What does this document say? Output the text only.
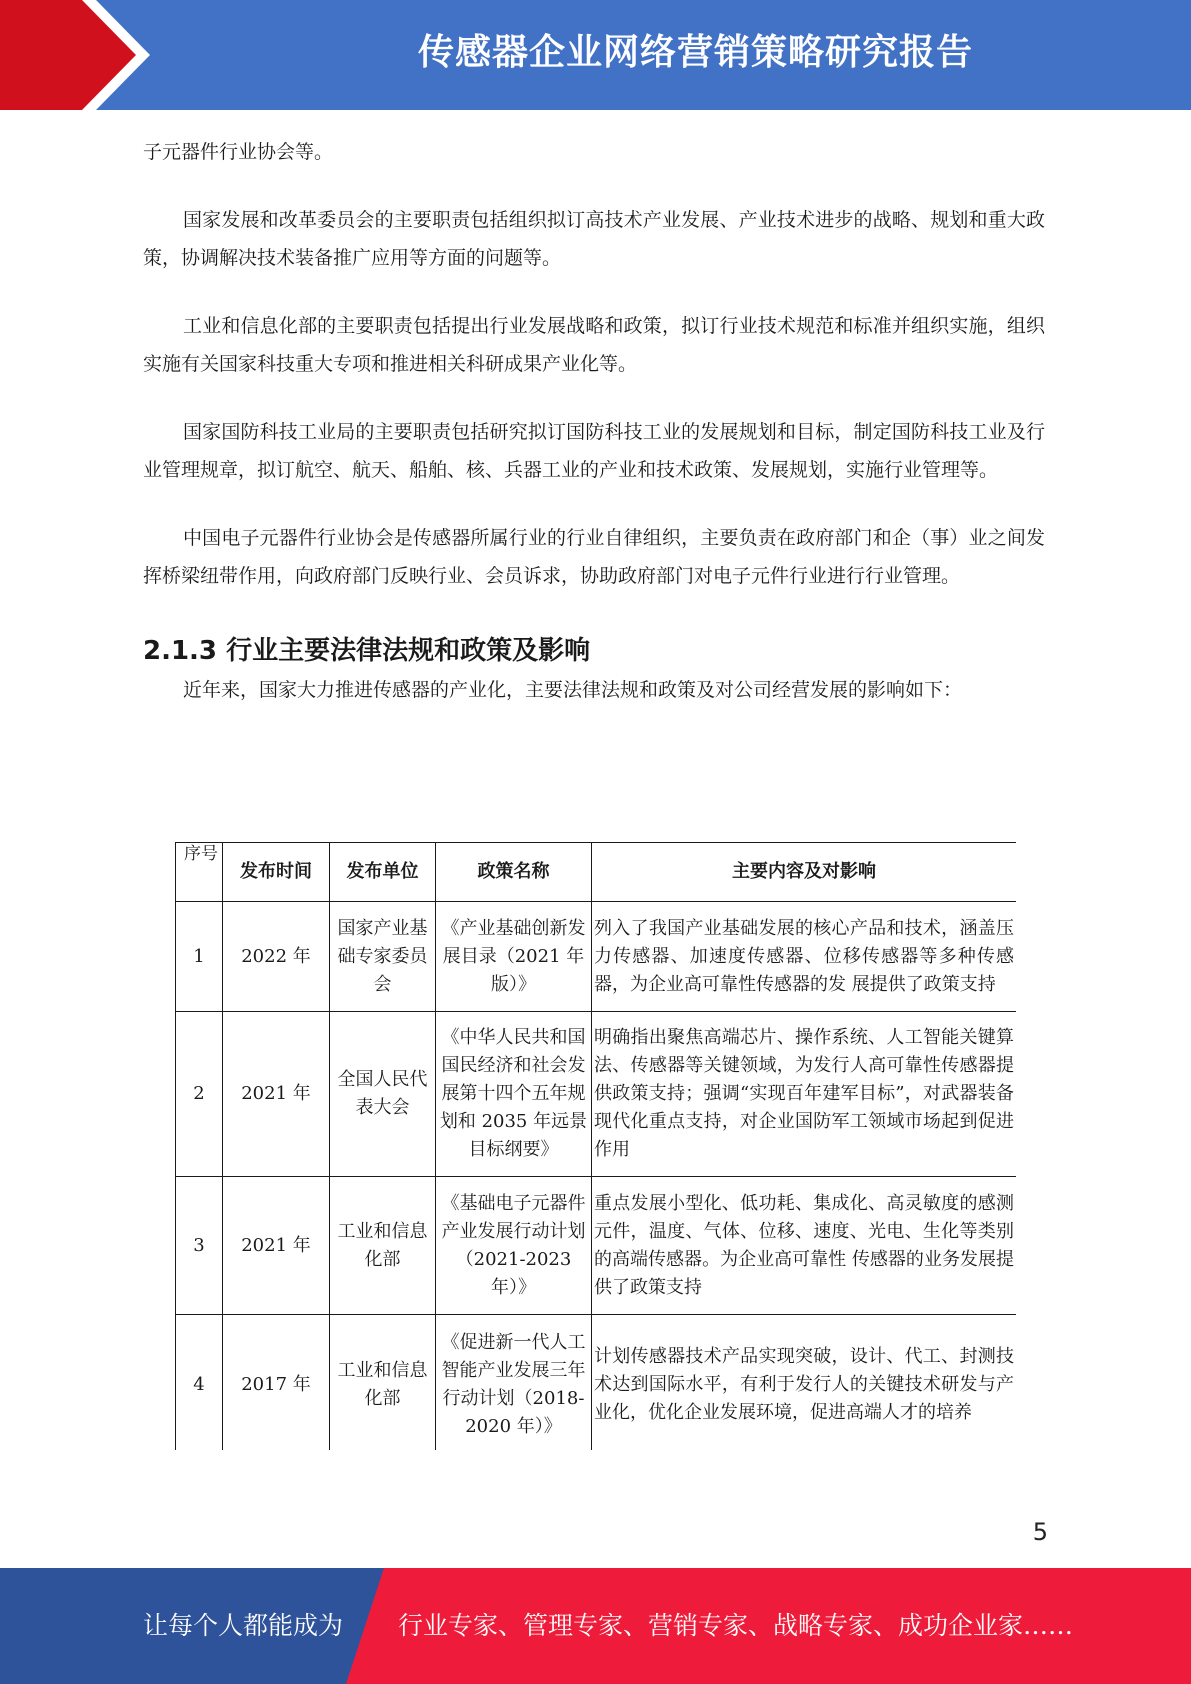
传感器企业网络营销策略研究报告

子元器件行业协会等。

国家发展和改革委员会的主要职责包括组织拟订高技术产业发展、产业技术进步的战略、规划和重大政策，协调解决技术装备推广应用等方面的问题等。

工业和信息化部的主要职责包括提出行业发展战略和政策，拟订行业技术规范和标准并组织实施，组织实施有关国家科技重大专项和推进相关科研成果产业化等。

国家国防科技工业局的主要职责包括研究拟订国防科技工业的发展规划和目标，制定国防科技工业及行业管理规章，拟订航空、航天、船舶、核、兵器工业的产业和技术政策、发展规划，实施行业管理等。

中国电子元器件行业协会是传感器所属行业的行业自律组织，主要负责在政府部门和企（事）业之间发挥桥梁纽带作用，向政府部门反映行业、会员诉求，协助政府部门对电子元件行业进行行业管理。

2.1.3 行业主要法律法规和政策及影响

近年来，国家大力推进传感器的产业化，主要法律法规和政策及对公司经营发展的影响如下：

序号	发布时间	发布单位	政策名称	主要内容及对影响
1	2022 年	国家产业基础专家委员会	《产业基础创新发展目录（2021 年版）》	列入了我国产业基础发展的核心产品和技术，涵盖压力传感器、加速度传感器、位移传感器等多种传感器，为企业高可靠性传感器的发 展提供了政策支持
2	2021 年	全国人民代表大会	《中华人民共和国国民经济和社会发展第十四个五年规划和 2035 年远景目标纲要》	明确指出聚焦高端芯片、操作系统、人工智能关键算法、传感器等关键领域，为发行人高可靠性传感器提供政策支持；强调“实现百年建军目标”，对武器装备现代化重点支持，对企业国防军工领域市场起到促进作用
3	2021 年	工业和信息化部	《基础电子元器件产业发展行动计划（2021-2023 年）》	重点发展小型化、低功耗、集成化、高灵敏度的感测元件，温度、气体、位移、速度、光电、生化等类别的高端传感器。为企业高可靠性 传感器的业务发展提供了政策支持
4	2017 年	工业和信息化部	《促进新一代人工智能产业发展三年行动计划（2018-2020 年）》	计划传感器技术产品实现突破，设计、代工、封测技术达到国际水平，有利于发行人的关键技术研发与产业化，优化企业发展环境，促进高端人才的培养
5
让每个人都能成为 行业专家、管理专家、营销专家、战略专家、成功企业家……
